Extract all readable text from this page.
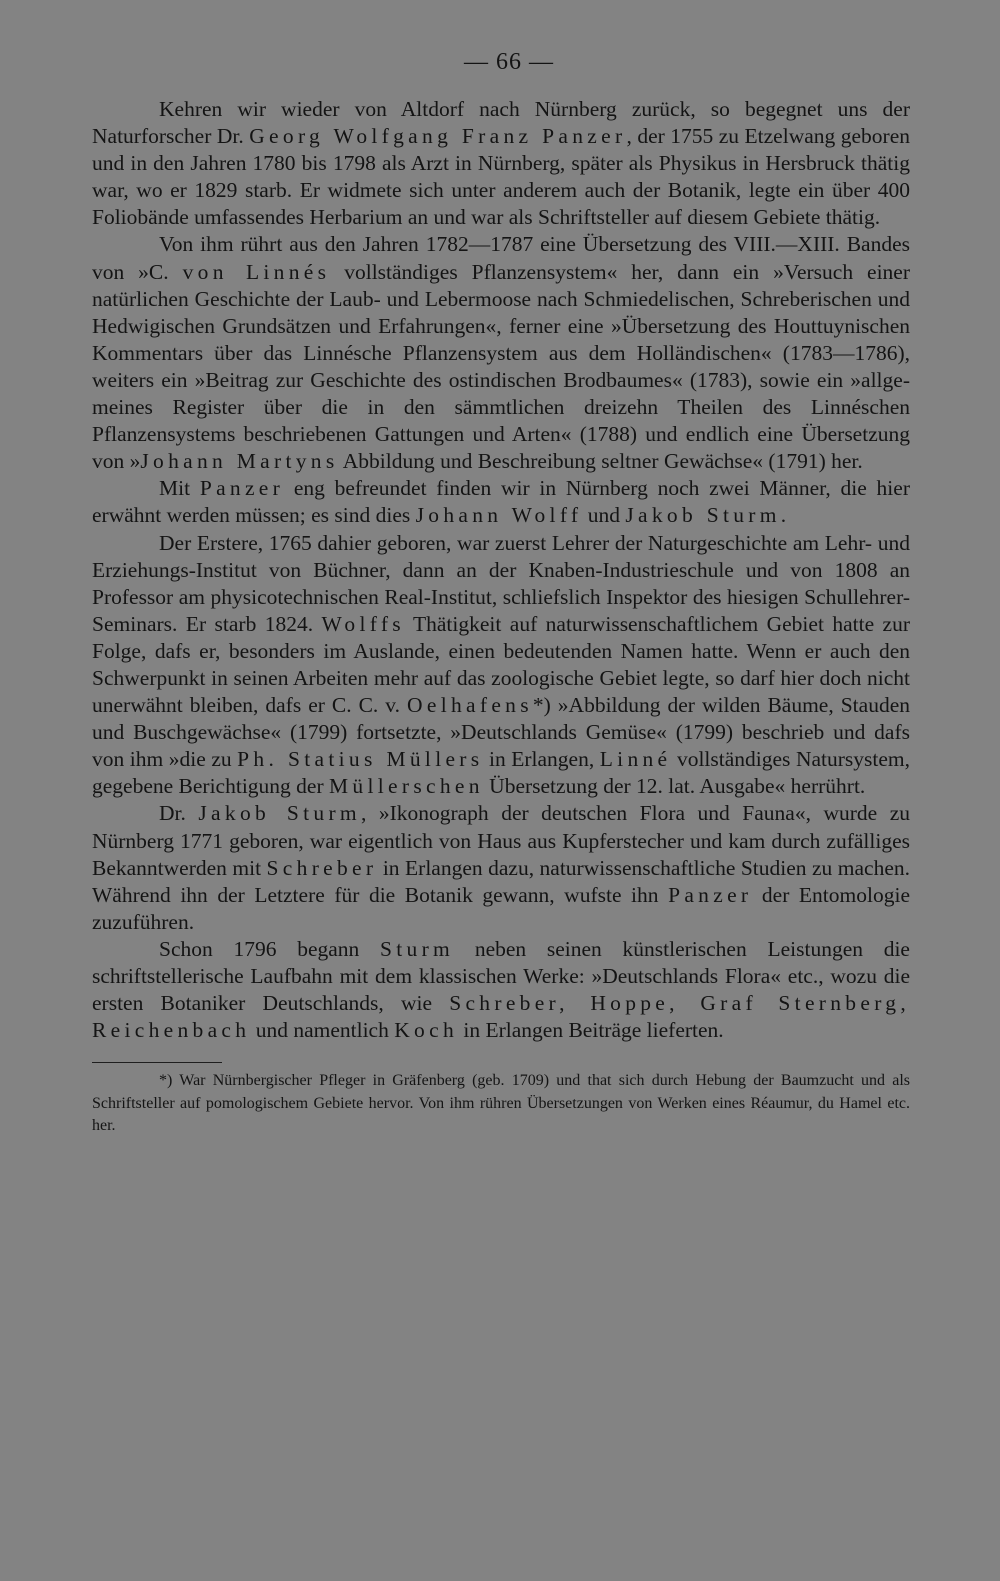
— 66 —

Kehren wir wieder von Altdorf nach Nürnberg zurück, so begegnet uns der Naturforscher Dr. Georg Wolfgang Franz Panzer, der 1755 zu Etzelwang geboren und in den Jahren 1780 bis 1798 als Arzt in Nürnberg, später als Physikus in Hersbruck thätig war, wo er 1829 starb. Er widmete sich unter anderem auch der Botanik, legte ein über 400 Foliobände umfassendes Herbarium an und war als Schriftsteller auf diesem Gebiete thätig.

Von ihm rührt aus den Jahren 1782—1787 eine Übersetzung des VIII.—XIII. Bandes von »C. von Linnés vollständiges Pflanzensystem« her, dann ein »Versuch einer natürlichen Geschichte der Laub- und Lebermoose nach Schmiedelischen, Schreberischen und Hedwigischen Grundsätzen und Erfahrungen«, ferner eine »Übersetzung des Houttuynischen Kommentars über das Linnésche Pflanzensystem aus dem Holländischen« (1783—1786), weiters ein »Beitrag zur Geschichte des ostindischen Brodbaumes« (1783), sowie ein »allgemeines Register über die in den sämmtlichen dreizehn Theilen des Linnéschen Pflanzensystems beschriebenen Gattungen und Arten« (1788) und endlich eine Übersetzung von »Johann Martyns Abbildung und Beschreibung seltner Gewächse« (1791) her.

Mit Panzer eng befreundet finden wir in Nürnberg noch zwei Männer, die hier erwähnt werden müssen; es sind dies Johann Wolff und Jakob Sturm.

Der Erstere, 1765 dahier geboren, war zuerst Lehrer der Naturgeschichte am Lehr- und Erziehungs-Institut von Büchner, dann an der Knaben-Industrieschule und von 1808 an Professor am physicotechnischen Real-Institut, schliefslich Inspektor des hiesigen Schullehrer-Seminars. Er starb 1824. Wolffs Thätigkeit auf naturwissenschaftlichem Gebiet hatte zur Folge, dafs er, besonders im Auslande, einen bedeutenden Namen hatte. Wenn er auch den Schwerpunkt in seinen Arbeiten mehr auf das zoologische Gebiet legte, so darf hier doch nicht unerwähnt bleiben, dafs er C. C. v. Oelhafens*) »Abbildung der wilden Bäume, Stauden und Buschgewächse« (1799) fortsetzte, »Deutschlands Gemüse« (1799) beschrieb und dafs von ihm »die zu Ph. Statius Müllers in Erlangen, Linné vollständiges Natursystem, gegebene Berichtigung der Müllerschen Übersetzung der 12. lat. Ausgabe« herrührt.

Dr. Jakob Sturm, »Ikonograph der deutschen Flora und Fauna«, wurde zu Nürnberg 1771 geboren, war eigentlich von Haus aus Kupferstecher und kam durch zufälliges Bekanntwerden mit Schreber in Erlangen dazu, naturwissenschaftliche Studien zu machen. Während ihn der Letztere für die Botanik gewann, wufste ihn Panzer der Entomologie zuzuführen.

Schon 1796 begann Sturm neben seinen künstlerischen Leistungen die schriftstellerische Laufbahn mit dem klassischen Werke: »Deutschlands Flora« etc., wozu die ersten Botaniker Deutschlands, wie Schreber, Hoppe, Graf Sternberg, Reichenbach und namentlich Koch in Erlangen Beiträge lieferten.

*) War Nürnbergischer Pfleger in Gräfenberg (geb. 1709) und that sich durch Hebung der Baumzucht und als Schriftsteller auf pomologischem Gebiete hervor. Von ihm rühren Übersetzungen von Werken eines Réaumur, du Hamel etc. her.
